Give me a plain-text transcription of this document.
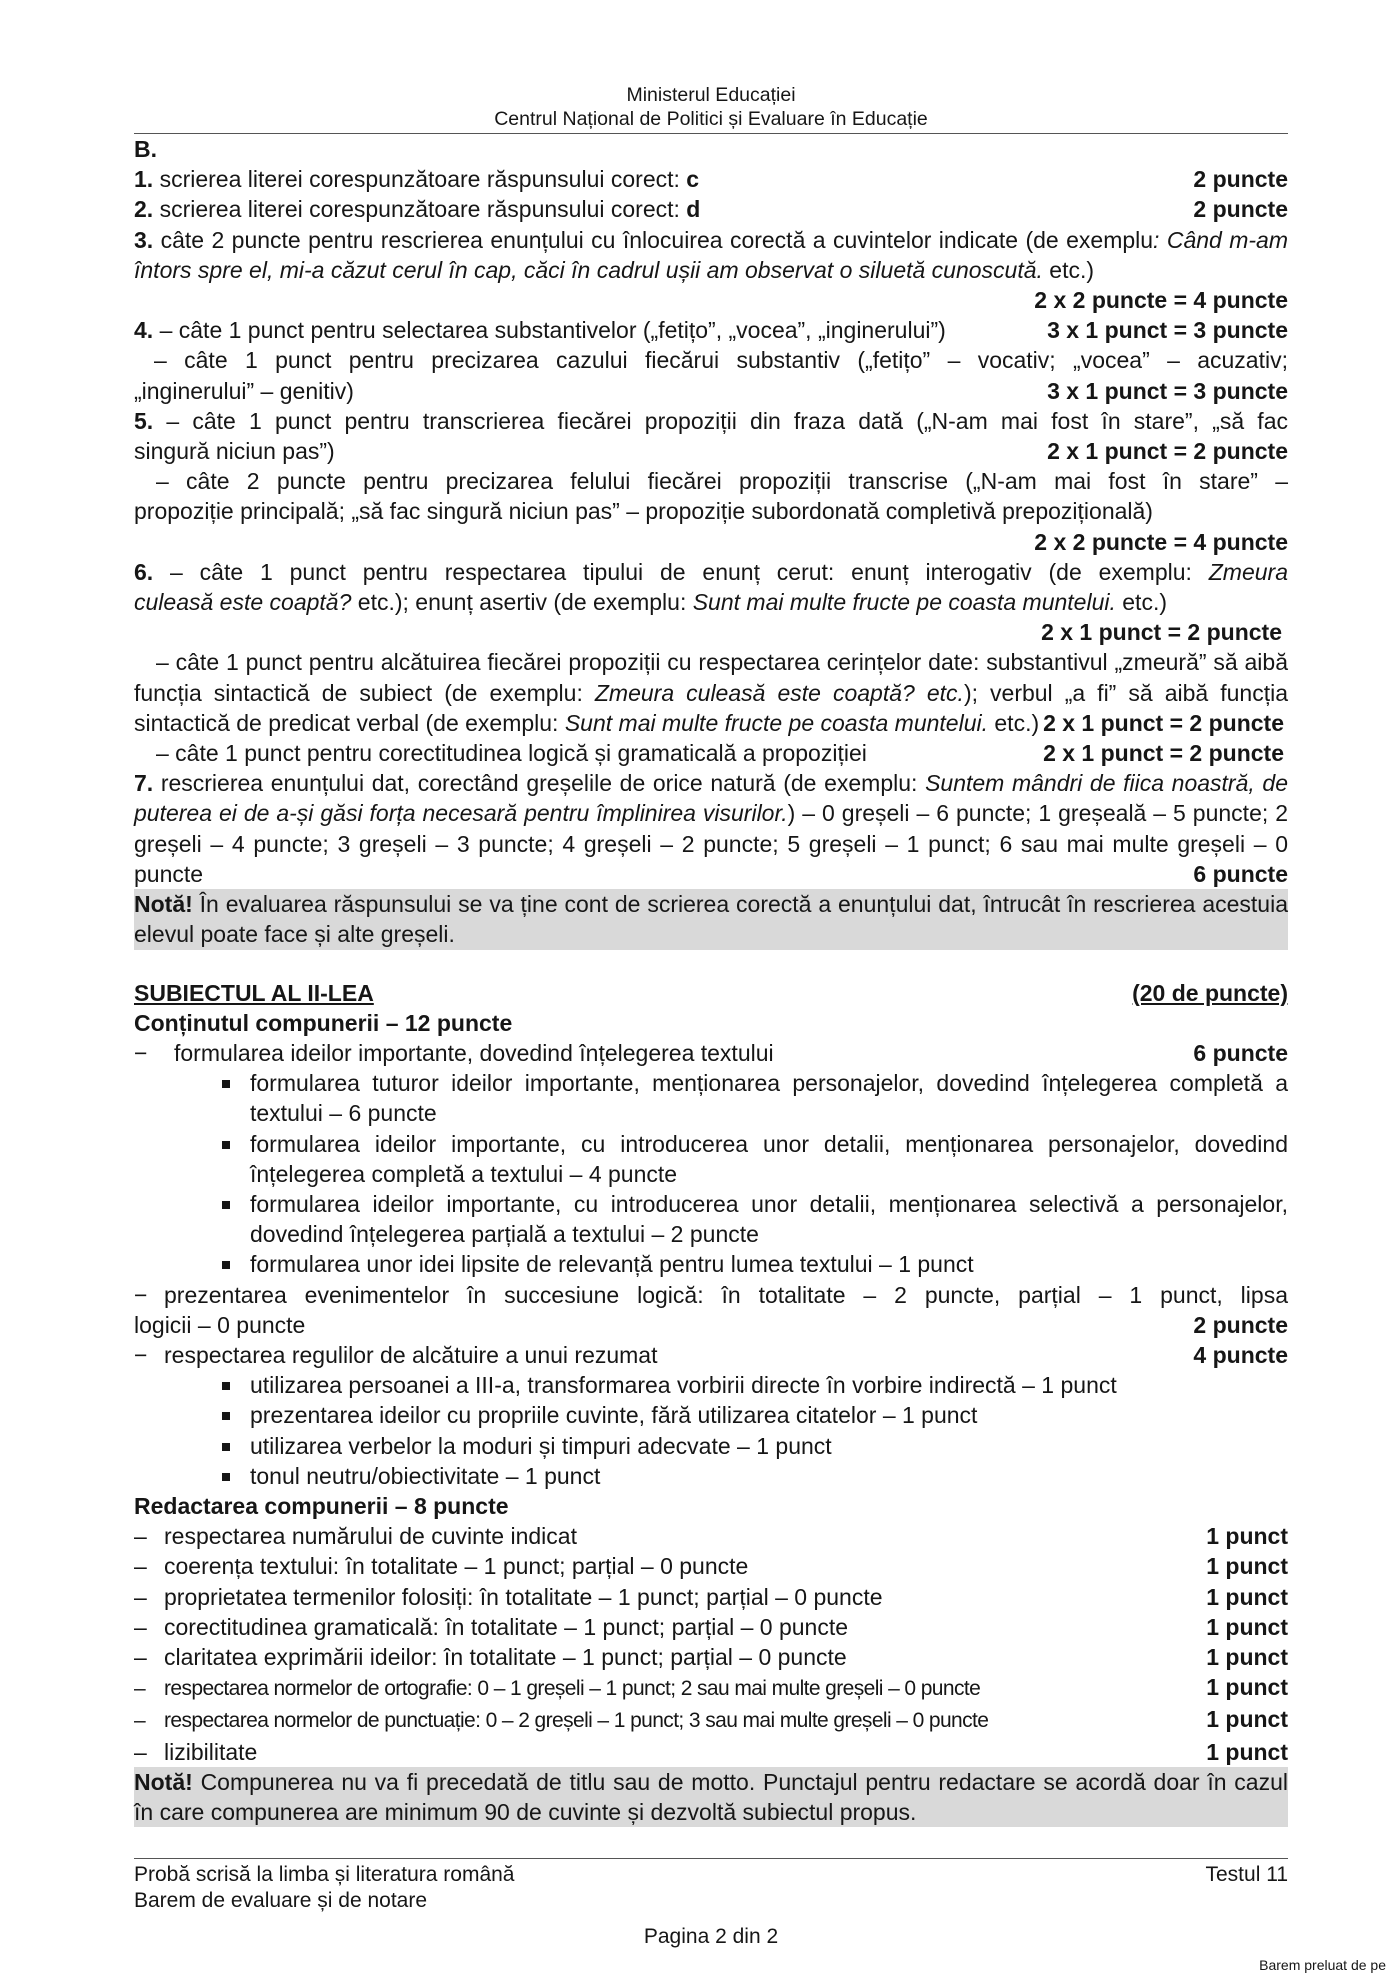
Ministerul Educației
Centrul Național de Politici și Evaluare în Educație
B.
1. scrierea literei corespunzătoare răspunsului corect: c	2 puncte
2. scrierea literei corespunzătoare răspunsului corect: d	2 puncte
3. câte 2 puncte pentru rescrierea enunțului cu înlocuirea corectă a cuvintelor indicate (de exemplu: Când m-am întors spre el, mi-a căzut cerul în cap, căci în cadrul ușii am observat o siluetă cunoscută. etc.)
2 x 2 puncte = 4 puncte
4. – câte 1 punct pentru selectarea substantivelor („fetițo”, „vocea”, „inginerului”)	3 x 1 punct = 3 puncte
– câte 1 punct pentru precizarea cazului fiecărui substantiv („fetițo” – vocativ; „vocea” – acuzativ;
„inginerului” – genitiv)	3 x 1 punct = 3 puncte
5. – câte 1 punct pentru transcrierea fiecărei propoziții din fraza dată („N-am mai fost în stare”, „să fac
singură niciun pas”)	2 x 1 punct = 2 puncte
– câte 2 puncte pentru precizarea felului fiecărei propoziții transcrise („N-am mai fost în stare” –
propoziție principală; „să fac singură niciun pas” – propoziție subordonată completivă prepozițională)
2 x 2 puncte = 4 puncte
6. – câte 1 punct pentru respectarea tipului de enunț cerut: enunț interogativ (de exemplu: Zmeura
culeasă este coaptă? etc.); enunț asertiv (de exemplu: Sunt mai multe fructe pe coasta muntelui. etc.)
2 x 1 punct = 2 puncte
– câte 1 punct pentru alcătuirea fiecărei propoziții cu respectarea cerințelor date: substantivul „zmeură” să aibă funcția sintactică de subiect (de exemplu: Zmeura culeasă este coaptă? etc.); verbul „a fi” să aibă funcția sintactică de predicat verbal (de exemplu: Sunt mai multe fructe pe coasta muntelui. etc.) 2 x 1 punct = 2 puncte
– câte 1 punct pentru corectitudinea logică și gramaticală a propoziției	2 x 1 punct = 2 puncte
7. rescrierea enunțului dat, corectând greșelile de orice natură (de exemplu: Suntem mândri de fiica noastră, de puterea ei de a-și găsi forța necesară pentru împlinirea visurilor.) – 0 greșeli – 6 puncte; 1 greșeală – 5 puncte; 2 greșeli – 4 puncte; 3 greșeli – 3 puncte; 4 greșeli – 2 puncte; 5 greșeli – 1 punct; 6 sau mai multe greșeli – 0 puncte	6 puncte
Notă! În evaluarea răspunsului se va ține cont de scrierea corectă a enunțului dat, întrucât în rescrierea acestuia elevul poate face și alte greșeli.
SUBIECTUL AL II-LEA	(20 de puncte)
Conținutul compunerii – 12 puncte
− formularea ideilor importante, dovedind înțelegerea textului	6 puncte
formularea tuturor ideilor importante, menționarea personajelor, dovedind înțelegerea completă a textului – 6 puncte
formularea ideilor importante, cu introducerea unor detalii, menționarea personajelor, dovedind înțelegerea completă a textului – 4 puncte
formularea ideilor importante, cu introducerea unor detalii, menționarea selectivă a personajelor, dovedind înțelegerea parțială a textului – 2 puncte
formularea unor idei lipsite de relevanță pentru lumea textului – 1 punct
− prezentarea evenimentelor în succesiune logică: în totalitate – 2 puncte, parțial – 1 punct, lipsa
logicii – 0 puncte	2 puncte
− respectarea regulilor de alcătuire a unui rezumat	4 puncte
utilizarea persoanei a III-a, transformarea vorbirii directe în vorbire indirectă – 1 punct
prezentarea ideilor cu propriile cuvinte, fără utilizarea citatelor – 1 punct
utilizarea verbelor la moduri și timpuri adecvate – 1 punct
tonul neutru/obiectivitate – 1 punct
Redactarea compunerii – 8 puncte
– respectarea numărului de cuvinte indicat	1 punct
– coerența textului: în totalitate – 1 punct; parțial – 0 puncte	1 punct
– proprietatea termenilor folosiți: în totalitate – 1 punct; parțial – 0 puncte	1 punct
– corectitudinea gramaticală: în totalitate – 1 punct; parțial – 0 puncte	1 punct
– claritatea exprimării ideilor: în totalitate – 1 punct; parțial – 0 puncte	1 punct
– respectarea normelor de ortografie: 0 – 1 greșeli – 1 punct; 2 sau mai multe greșeli – 0 puncte	1 punct
– respectarea normelor de punctuație: 0 – 2 greșeli – 1 punct; 3 sau mai multe greșeli – 0 puncte	1 punct
– lizibilitate	1 punct
Notă! Compunerea nu va fi precedată de titlu sau de motto. Punctajul pentru redactare se acordă doar în cazul în care compunerea are minimum 90 de cuvinte și dezvoltă subiectul propus.
Probă scrisă la limba și literatura română	Testul 11
Barem de evaluare și de notare
Pagina 2 din 2
Barem preluat de pe
